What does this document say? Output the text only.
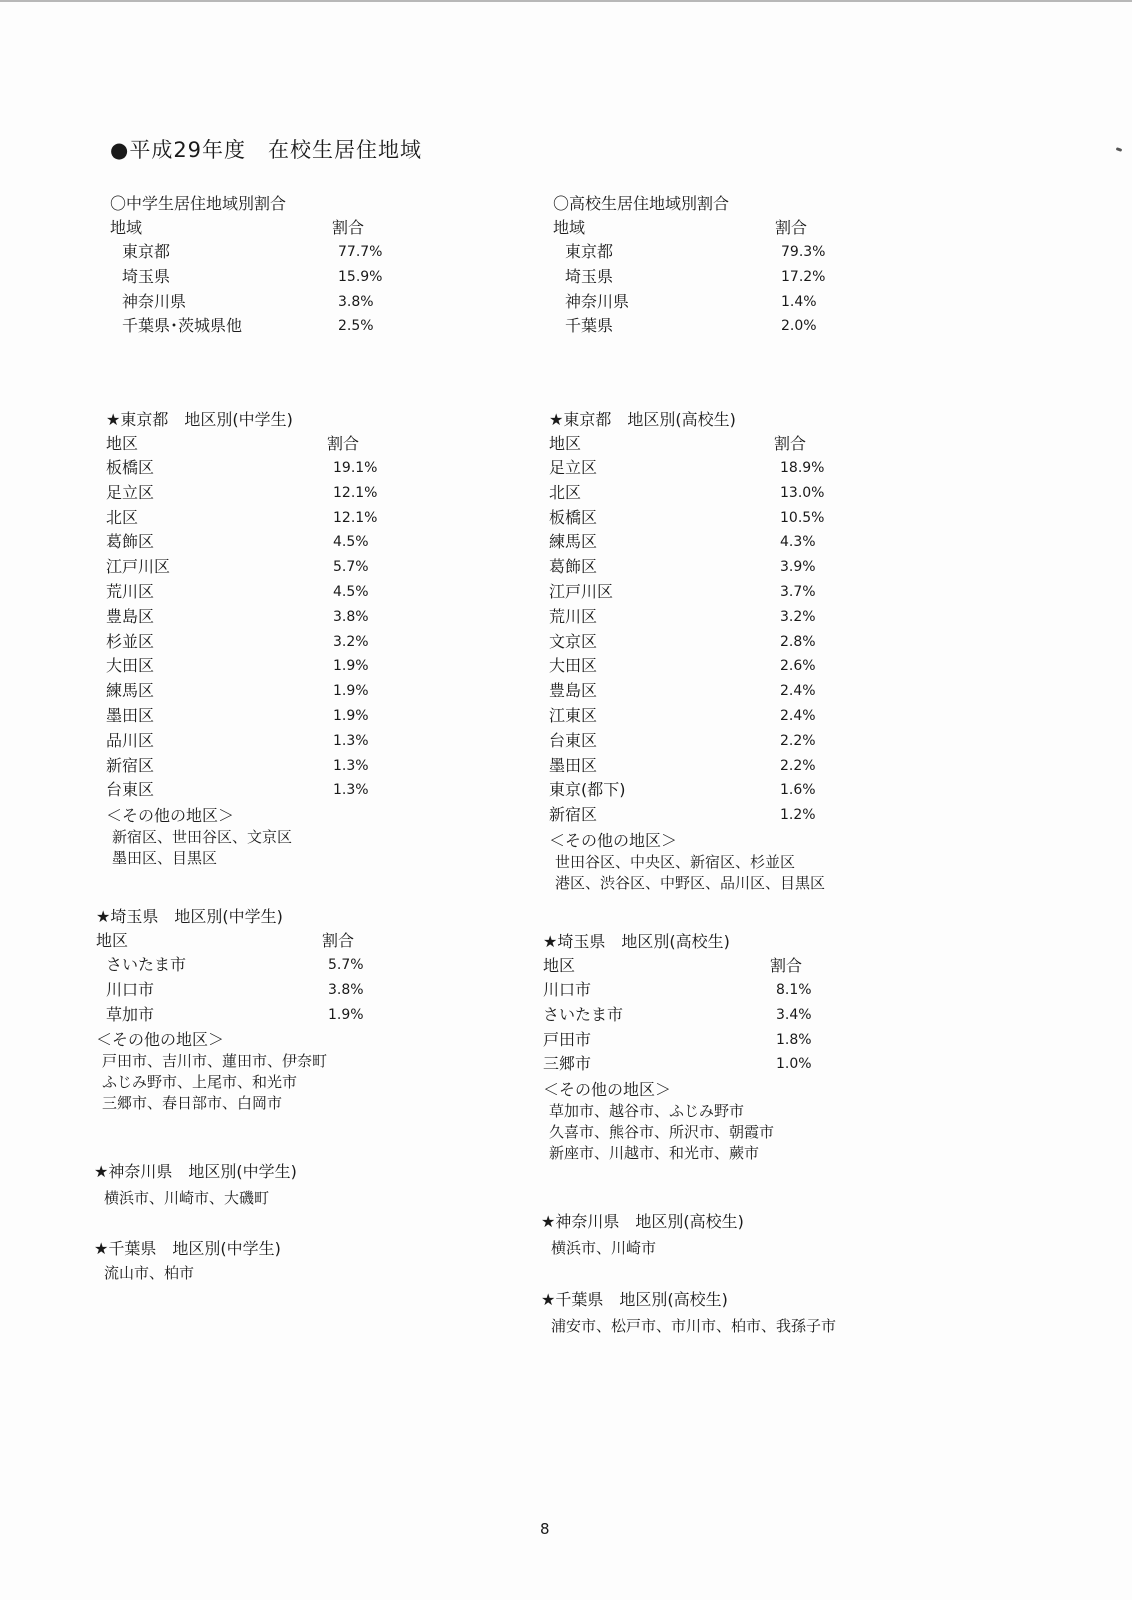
●平成29年度　在校生居住地域
〇中学生居住地域別割合
地域	割合
東京都	77.7%
埼玉県	15.9%
神奈川県	3.8%
千葉県･茨城県他	2.5%
〇高校生居住地域別割合
地域	割合
東京都	79.3%
埼玉県	17.2%
神奈川県	1.4%
千葉県	2.0%
★東京都　地区別(中学生)
地区	割合
板橋区	19.1%
足立区	12.1%
北区	12.1%
葛飾区	4.5%
江戸川区	5.7%
荒川区	4.5%
豊島区	3.8%
杉並区	3.2%
大田区	1.9%
練馬区	1.9%
墨田区	1.9%
品川区	1.3%
新宿区	1.3%
台東区	1.3%
＜その他の地区＞
新宿区、世田谷区、文京区
墨田区、目黒区
★東京都　地区別(高校生)
地区	割合
足立区	18.9%
北区	13.0%
板橋区	10.5%
練馬区	4.3%
葛飾区	3.9%
江戸川区	3.7%
荒川区	3.2%
文京区	2.8%
大田区	2.6%
豊島区	2.4%
江東区	2.4%
台東区	2.2%
墨田区	2.2%
東京(都下)	1.6%
新宿区	1.2%
＜その他の地区＞
世田谷区、中央区、新宿区、杉並区
港区、渋谷区、中野区、品川区、目黒区
★埼玉県　地区別(中学生)
地区	割合
さいたま市	5.7%
川口市	3.8%
草加市	1.9%
＜その他の地区＞
戸田市、吉川市、蓮田市、伊奈町
ふじみ野市、上尾市、和光市
三郷市、春日部市、白岡市
★埼玉県　地区別(高校生)
地区	割合
川口市	8.1%
さいたま市	3.4%
戸田市	1.8%
三郷市	1.0%
＜その他の地区＞
草加市、越谷市、ふじみ野市
久喜市、熊谷市、所沢市、朝霞市
新座市、川越市、和光市、蕨市
★神奈川県　地区別(中学生)
横浜市、川崎市、大磯町
★神奈川県　地区別(高校生)
横浜市、川崎市
★千葉県　地区別(中学生)
流山市、柏市
★千葉県　地区別(高校生)
浦安市、松戸市、市川市、柏市、我孫子市
8
